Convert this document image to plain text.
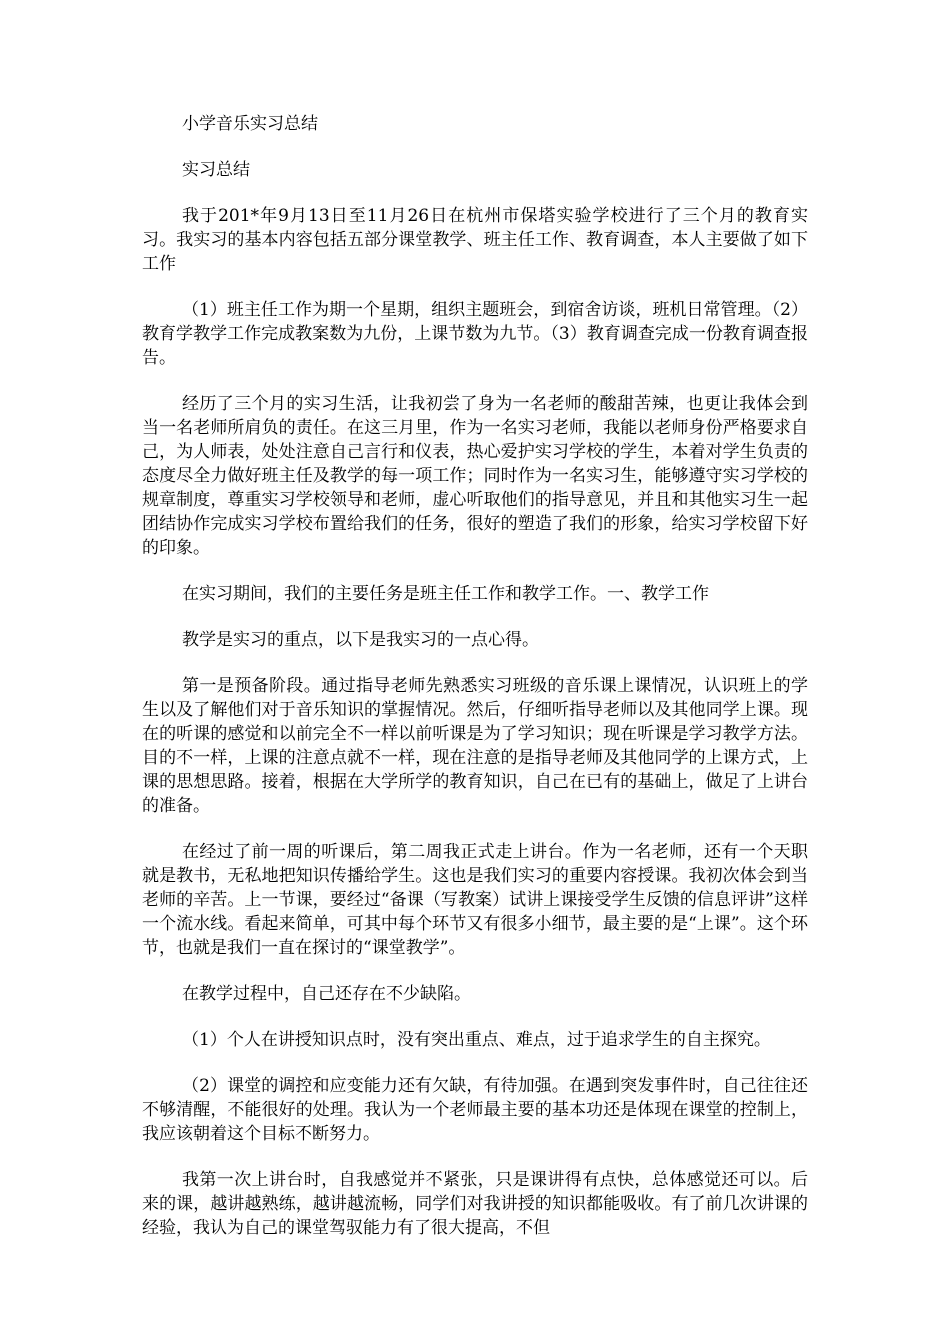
小学音乐实习总结

实习总结

我于201*年9月13日至11月26日在杭州市保塔实验学校进行了三个月的教育实习。我实习的基本内容包括五部分课堂教学、班主任工作、教育调查，本人主要做了如下工作

（1）班主任工作为期一个星期，组织主题班会，到宿舍访谈，班机日常管理。（2）教育学教学工作完成教案数为九份，上课节数为九节。（3）教育调查完成一份教育调查报告。

经历了三个月的实习生活，让我初尝了身为一名老师的酸甜苦辣，也更让我体会到当一名老师所肩负的责任。在这三月里，作为一名实习老师，我能以老师身份严格要求自己，为人师表，处处注意自己言行和仪表，热心爱护实习学校的学生，本着对学生负责的态度尽全力做好班主任及教学的每一项工作；同时作为一名实习生，能够遵守实习学校的规章制度，尊重实习学校领导和老师，虚心听取他们的指导意见，并且和其他实习生一起团结协作完成实习学校布置给我们的任务，很好的塑造了我们的形象，给实习学校留下好的印象。

在实习期间，我们的主要任务是班主任工作和教学工作。一、教学工作

教学是实习的重点，以下是我实习的一点心得。

第一是预备阶段。通过指导老师先熟悉实习班级的音乐课上课情况，认识班上的学生以及了解他们对于音乐知识的掌握情况。然后，仔细听指导老师以及其他同学上课。现在的听课的感觉和以前完全不一样以前听课是为了学习知识；现在听课是学习教学方法。目的不一样，上课的注意点就不一样，现在注意的是指导老师及其他同学的上课方式，上课的思想思路。接着，根据在大学所学的教育知识，自己在已有的基础上，做足了上讲台的准备。

在经过了前一周的听课后，第二周我正式走上讲台。作为一名老师，还有一个天职就是教书，无私地把知识传播给学生。这也是我们实习的重要内容授课。我初次体会到当老师的辛苦。上一节课，要经过“备课（写教案）试讲上课接受学生反馈的信息评讲”这样一个流水线。看起来简单，可其中每个环节又有很多小细节，最主要的是“上课”。这个环节，也就是我们一直在探讨的“课堂教学”。

在教学过程中，自己还存在不少缺陷。

（1）个人在讲授知识点时，没有突出重点、难点，过于追求学生的自主探究。

（2）课堂的调控和应变能力还有欠缺，有待加强。在遇到突发事件时，自己往往还不够清醒，不能很好的处理。我认为一个老师最主要的基本功还是体现在课堂的控制上，我应该朝着这个目标不断努力。

我第一次上讲台时，自我感觉并不紧张，只是课讲得有点快，总体感觉还可以。后来的课，越讲越熟练，越讲越流畅，同学们对我讲授的知识都能吸收。有了前几次讲课的经验，我认为自己的课堂驾驭能力有了很大提高，不但
